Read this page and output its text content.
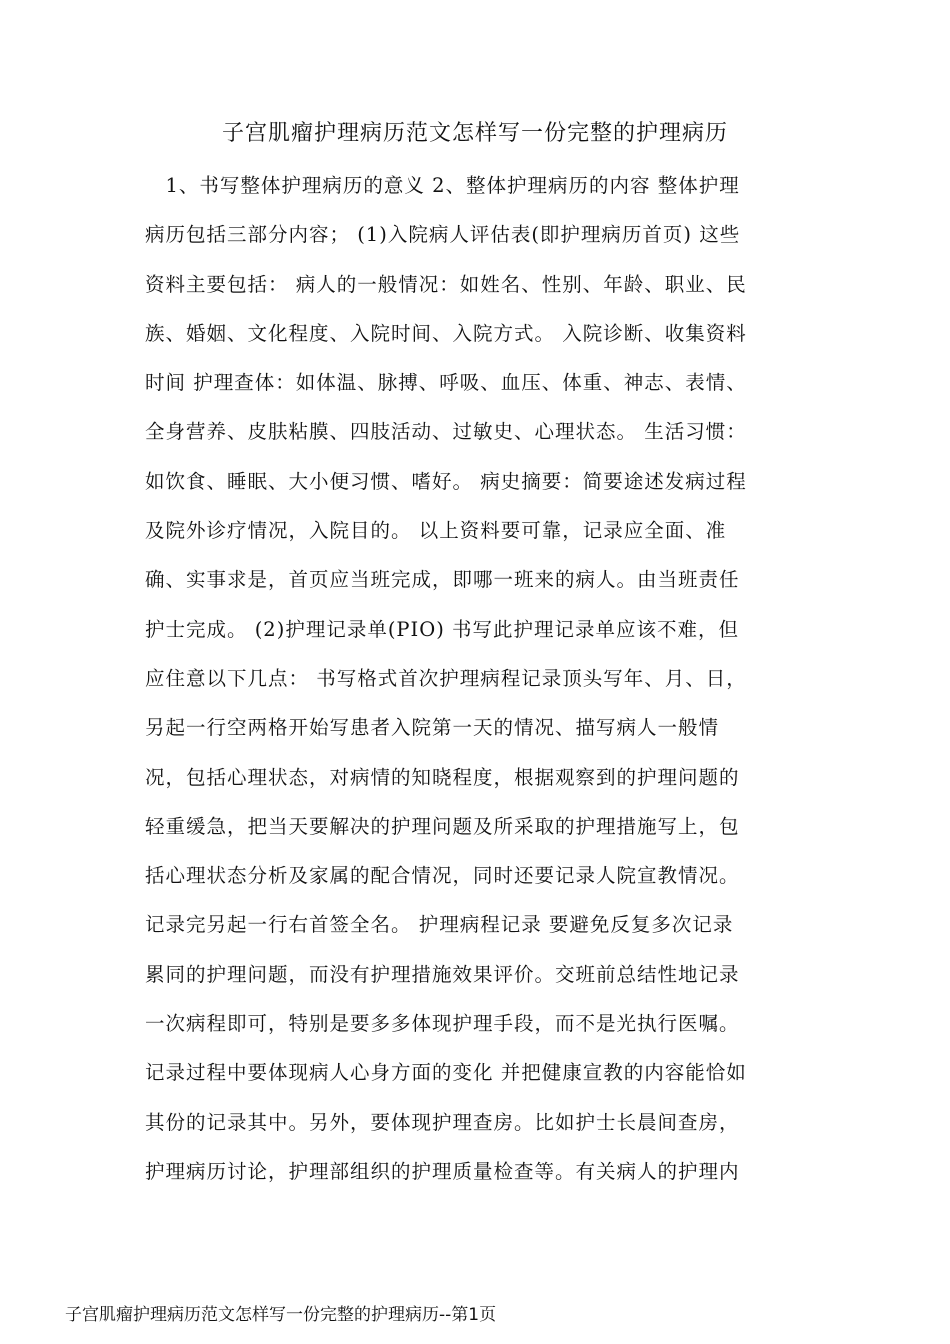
子宫肌瘤护理病历范文怎样写一份完整的护理病历
　1、书写整体护理病历的意义 2、整体护理病历的内容 整体护理
病历包括三部分内容； (1)入院病人评估表(即护理病历首页) 这些
资料主要包括： 病人的一般情况：如姓名、性别、年龄、职业、民
族、婚姻、文化程度、入院时间、入院方式。 入院诊断、收集资料
时间 护理查体：如体温、脉搏、呼吸、血压、体重、神志、表情、
全身营养、皮肤粘膜、四肢活动、过敏史、心理状态。 生活习惯：
如饮食、睡眠、大小便习惯、嗜好。 病史摘要：简要途述发病过程
及院外诊疗情况，入院目的。 以上资料要可靠，记录应全面、准
确、实事求是，首页应当班完成，即哪一班来的病人。由当班责任
护士完成。 (2)护理记录单(PIO) 书写此护理记录单应该不难，但
应住意以下几点： 书写格式首次护理病程记录顶头写年、月、日，
另起一行空两格开始写患者入院第一天的情况、描写病人一般情
况，包括心理状态，对病情的知晓程度，根据观察到的护理问题的
轻重缓急，把当天要解决的护理问题及所采取的护理措施写上，包
括心理状态分析及家属的配合情况，同时还要记录人院宣教情况。
记录完另起一行右首签全名。 护理病程记录 要避免反复多次记录
累同的护理问题，而没有护理措施效果评价。交班前总结性地记录
一次病程即可，特别是要多多体现护理手段，而不是光执行医嘱。
记录过程中要体现病人心身方面的变化 并把健康宣教的内容能恰如
其份的记录其中。另外，要体现护理查房。比如护士长晨间查房，
护理病历讨论，护理部组织的护理质量检查等。有关病人的护理内
子宫肌瘤护理病历范文怎样写一份完整的护理病历--第1页
